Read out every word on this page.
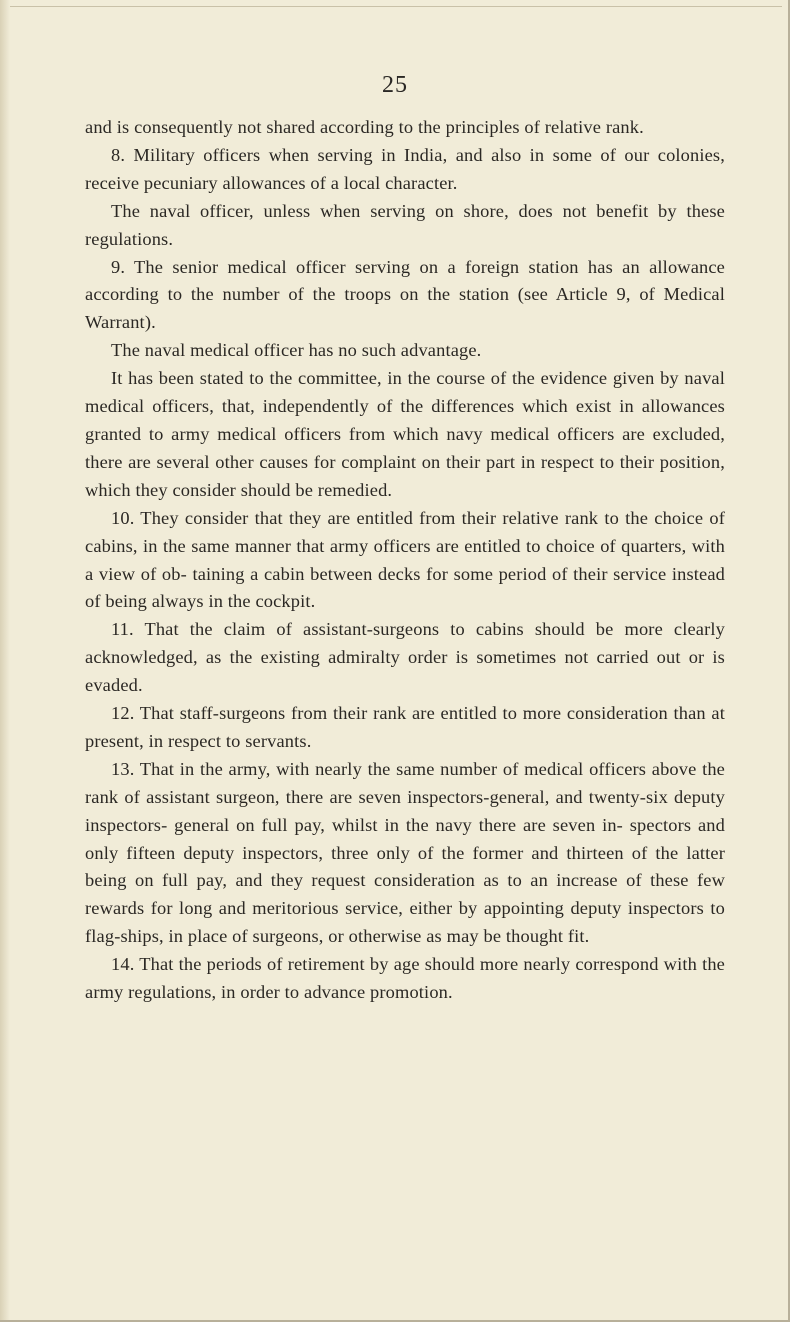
25

and is consequently not shared according to the principles of relative rank.

8. Military officers when serving in India, and also in some of our colonies, receive pecuniary allowances of a local character.

The naval officer, unless when serving on shore, does not benefit by these regulations.

9. The senior medical officer serving on a foreign station has an allowance according to the number of the troops on the station (see Article 9, of Medical Warrant).

The naval medical officer has no such advantage.

It has been stated to the committee, in the course of the evidence given by naval medical officers, that, independently of the differences which exist in allowances granted to army medical officers from which navy medical officers are excluded, there are several other causes for complaint on their part in respect to their position, which they consider should be remedied.

10. They consider that they are entitled from their relative rank to the choice of cabins, in the same manner that army officers are entitled to choice of quarters, with a view of ob- taining a cabin between decks for some period of their service instead of being always in the cockpit.

11. That the claim of assistant-surgeons to cabins should be more clearly acknowledged, as the existing admiralty order is sometimes not carried out or is evaded.

12. That staff-surgeons from their rank are entitled to more consideration than at present, in respect to servants.

13. That in the army, with nearly the same number of medical officers above the rank of assistant surgeon, there are seven inspectors-general, and twenty-six deputy inspectors- general on full pay, whilst in the navy there are seven in- spectors and only fifteen deputy inspectors, three only of the former and thirteen of the latter being on full pay, and they request consideration as to an increase of these few rewards for long and meritorious service, either by appointing deputy inspectors to flag-ships, in place of surgeons, or otherwise as may be thought fit.

14. That the periods of retirement by age should more nearly correspond with the army regulations, in order to advance promotion.
